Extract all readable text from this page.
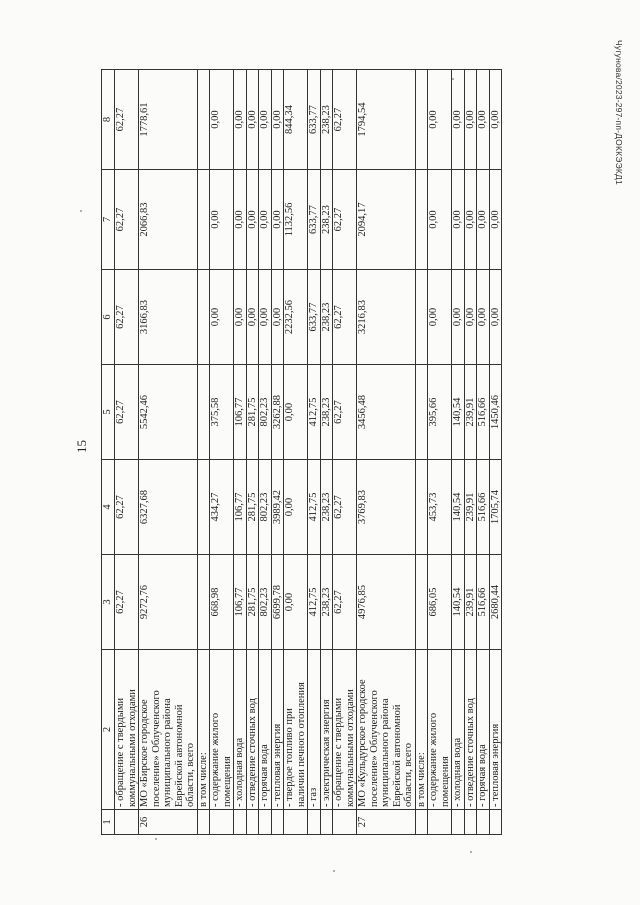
15
1	2	3	4	5	6	7	8

	- обращение с твердыми коммунальными отходами	62,27	62,27	62,27	62,27	62,27	62,27
26	МО «Бирское городское поселение» Облученского муниципального района Еврейской автономной области, всего	9272,76	6327,68	5542,46	3166,83	2066,83	1778,61

	в том числе:						

	- содержание жилого помещения	668,98	434,27	375,58	0,00	0,00	0,00

	- холодная вода	106,77	106,77	106,77	0,00	0,00	0,00

	- отведение сточных вод	281,75	281,75	281,75	0,00	0,00	0,00

	- горячая вода	802,23	802,23	802,23	0,00	0,00	0,00

	- тепловая энергия	6699,78	3989,42	3262,88	0,00	0,00	0,00

	- твердое топливо при наличии печного отопления	0,00	0,00	0,00	2232,56	1132,56	844,34

	- газ	412,75	412,75	412,75	633,77	633,77	633,77

	- электрическая энергия	238,23	238,23	238,23	238,23	238,23	238,23

	- обращение с твердыми коммунальными отходами	62,27	62,27	62,27	62,27	62,27	62,27
27	МО «Кульдурское городское поселение» Облученского муниципального района Еврейской автономной области, всего	4976,85	3769,83	3456,48	3216,83	2094,17	1794,54

	в том числе:						

	- содержание жилого помещения	686,05	453,73	395,66	0,00	0,00	0,00

	- холодная вода	140,54	140,54	140,54	0,00	0,00	0,00

	- отведение сточных вод	239,91	239,91	239,91	0,00	0,00	0,00

	- горячая вода	516,66	516,66	516,66	0,00	0,00	0,00

	- тепловая энергия	2680,44	1705,74	1450,46	0,00	0,00	0,00	Чугунова/2023-297-пп-ДОККЭЭКД1
